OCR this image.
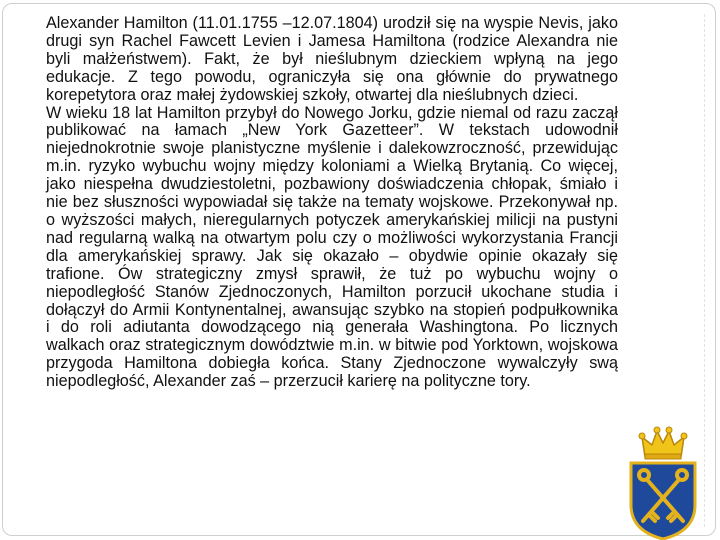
Alexander Hamilton (11.01.1755 –12.07.1804) urodził się na wyspie Nevis, jako drugi syn Rachel Fawcett Levien i Jamesa Hamiltona (rodzice Alexandra nie byli małżeństwem). Fakt, że był nieślubnym dzieckiem wpłyną na jego edukacje. Z tego powodu, ograniczyła się ona głównie do prywatnego korepetytora oraz małej żydowskiej szkoły, otwartej dla nieślubnych dzieci.

W wieku 18 lat Hamilton przybył do Nowego Jorku, gdzie niemal od razu zaczął publikować na łamach „New York Gazetteer”. W tekstach udowodnił niejednokrotnie swoje planistyczne myślenie i dalekowzroczność, przewidując m.in. ryzyko wybuchu wojny między koloniami a Wielką Brytanią. Co więcej, jako niespełna dwudziestoletni, pozbawiony doświadczenia chłopak, śmiało i nie bez słuszności wypowiadał się także na tematy wojskowe. Przekonywał np. o wyższości małych, nieregularnych potyczek amerykańskiej milicji na pustyni nad regularną walką na otwartym polu czy o możliwości wykorzystania Francji dla amerykańskiej sprawy. Jak się okazało – obydwie opinie okazały się trafione. Ów strategiczny zmysł sprawił, że tuż po wybuchu wojny o niepodległość Stanów Zjednoczonych, Hamilton porzucił ukochane studia i dołączył do Armii Kontynentalnej, awansując szybko na stopień podpułkownika i do roli adiutanta dowodzącego nią generała Washingtona. Po licznych walkach oraz strategicznym dowództwie m.in. w bitwie pod Yorktown, wojskowa przygoda Hamiltona dobiegła końca. Stany Zjednoczone wywalczyły swą niepodległość, Alexander zaś – przerzucił karierę na polityczne tory.
